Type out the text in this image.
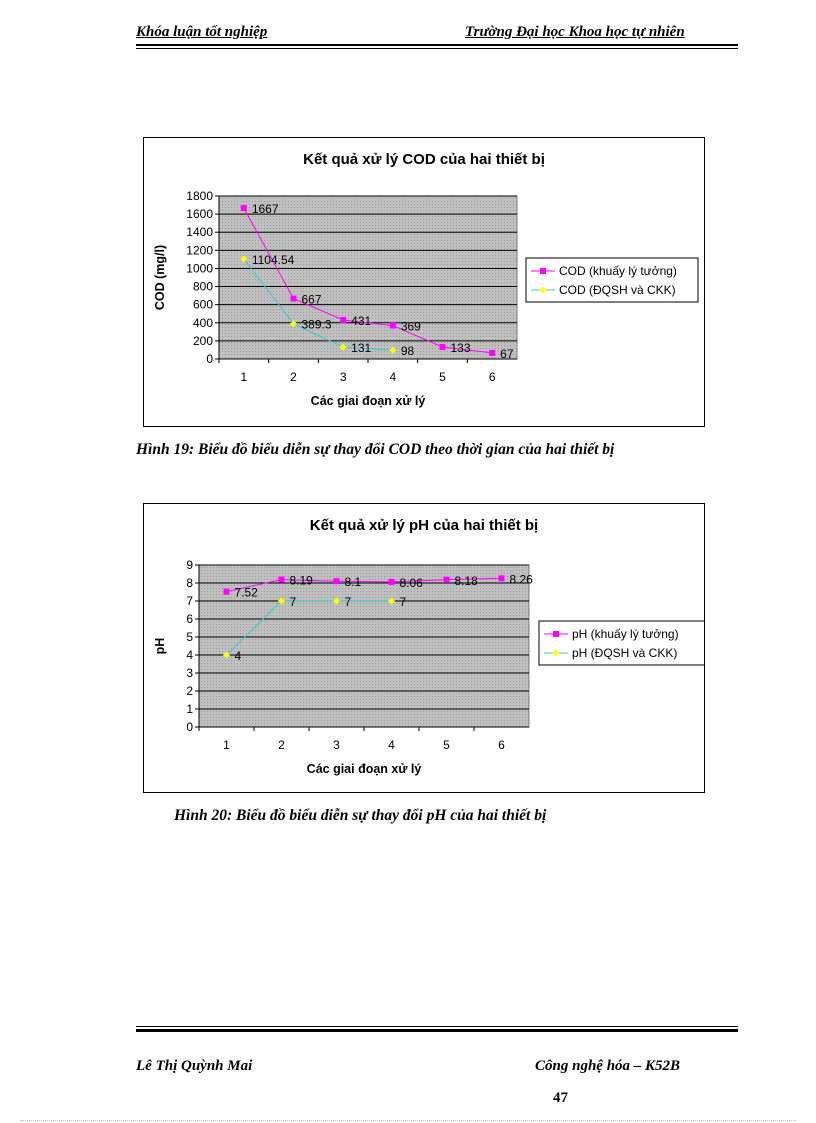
Khóa luận tốt nghiệp	Trường Đại học Khoa học tự nhiên
Kết quả xử lý COD của hai thiết bị
0
200
400
600
800
1000
1200
1400
1600
1800
1	2	3	4	5	6
Các giai đoạn xử lý
COD (mg/l)
1667
667
431 369
133 67
1104.54
389.3
131 98
COD (khuấy lý tưởng)
COD (ĐQSH và CKK)
Hình 19: Biểu đồ biểu diễn sự thay đổi COD theo thời gian của hai thiết bị
Kết quả xử lý pH của hai thiết bị
0
1
2
3
4
5
6
7
8
9
1	2	3	4	5	6
Các giai đoạn xử lý
pH
7.52
8.19	8.1	8.06	8.18	8.26
4
7	7	7
pH (khuấy lý tưởng)
pH (ĐQSH và CKK)
Hình 20: Biểu đồ biểu diễn sự thay đổi pH của hai thiết bị
Lê Thị Quỳnh Mai	Công nghệ hóa – K52B
47
